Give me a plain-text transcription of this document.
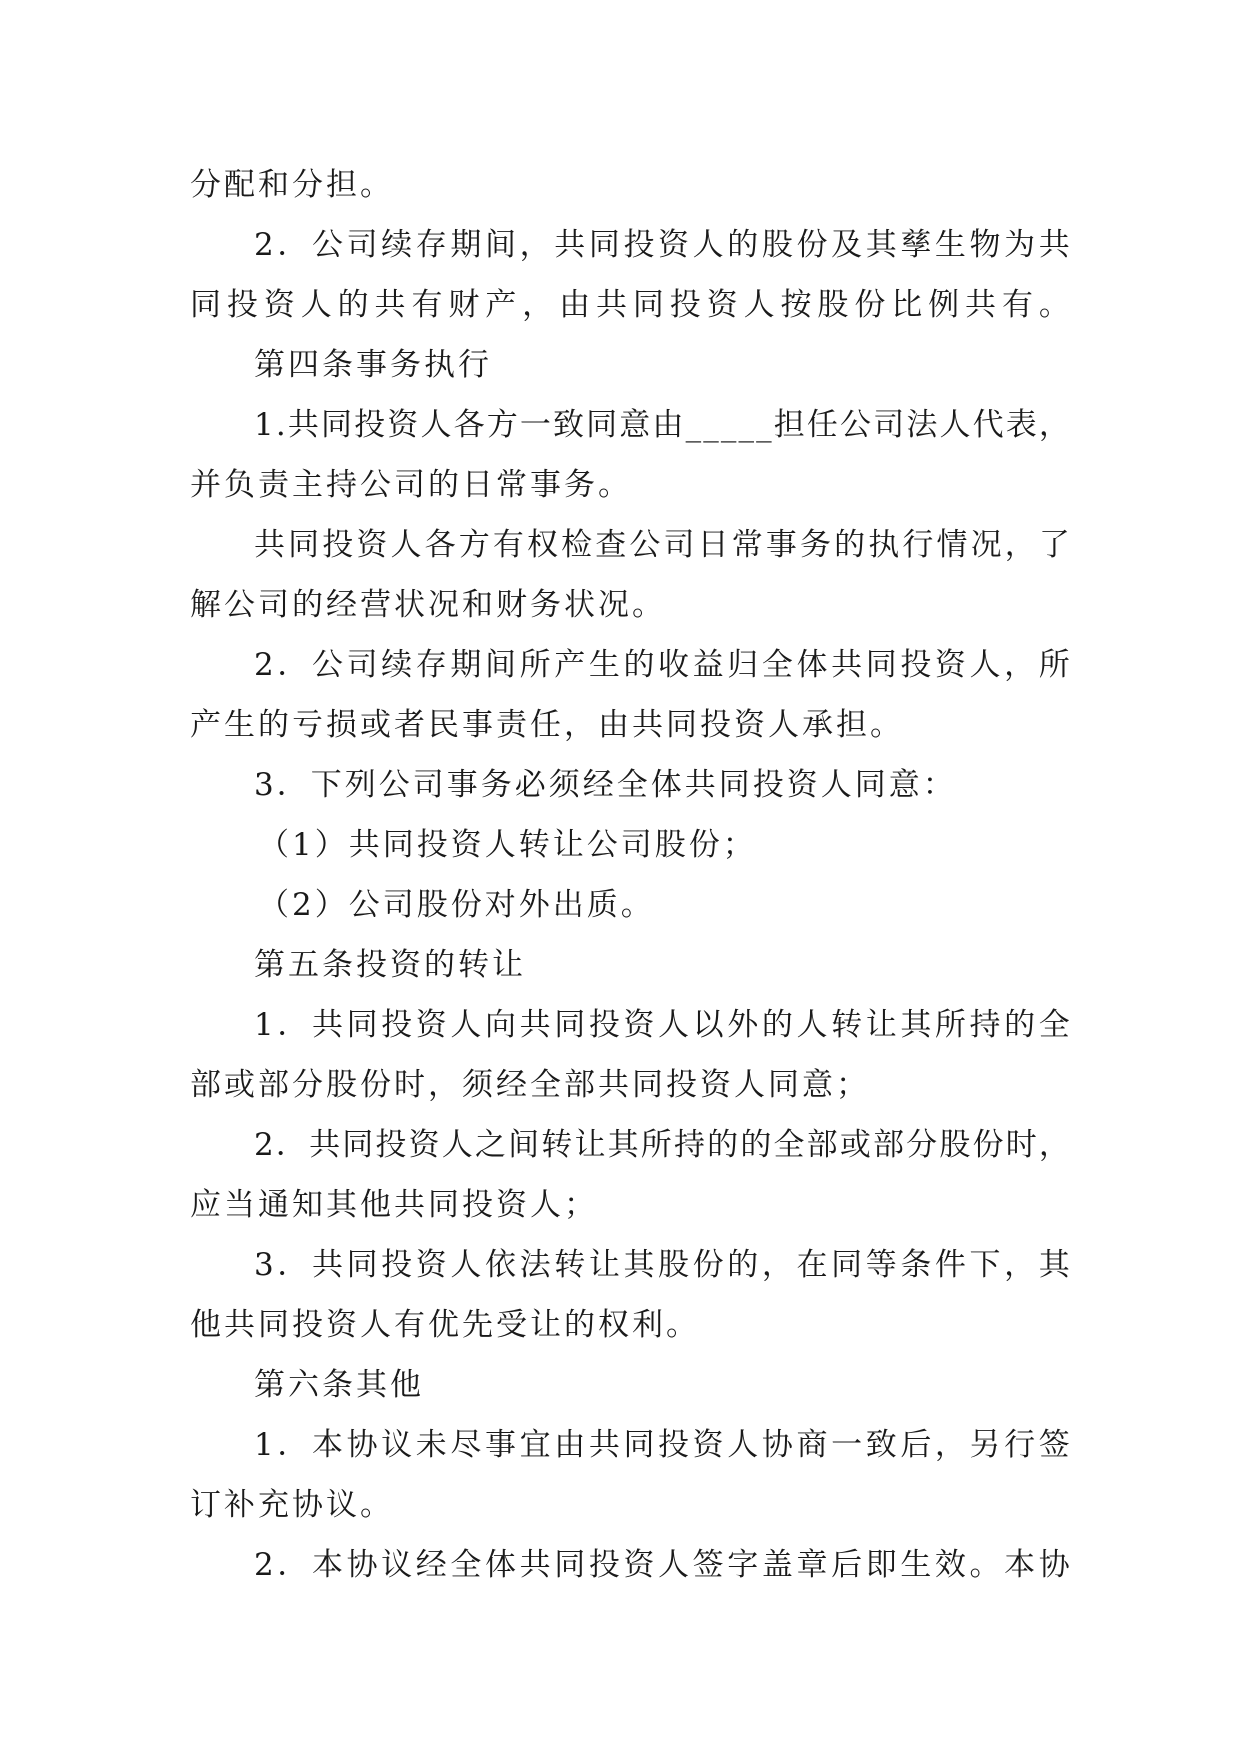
分配和分担。
2 ． 公 司 续 存 期 间 ， 共 同 投 资 人 的 股 份 及 其 孳 生 物 为 共
同 投 资 人 的 共 有 财 产 ， 由 共 同 投 资 人 按 股 份 比 例 共 有 。
第四条事务执行
1 . 共 同 投 资 人 各 方 一 致 同 意 由 _ _ _ _ _ 担 任 公 司 法 人 代 表 ，
并负责主持公司的日常事务。
共 同 投 资 人 各 方 有 权 检 查 公 司 日 常 事 务 的 执 行 情 况 ， 了
解公司的经营状况和财务状况。
2 ． 公 司 续 存 期 间 所 产 生 的 收 益 归 全 体 共 同 投 资 人 ， 所
产生的亏损或者民事责任，由共同投资人承担。
3．下列公司事务必须经全体共同投资人同意：
（1）共同投资人转让公司股份；
（2）公司股份对外出质。
第五条投资的转让
1 ． 共 同 投 资 人 向 共 同 投 资 人 以 外 的 人 转 让 其 所 持 的 全
部或部分股份时，须经全部共同投资人同意；
2 ． 共 同 投 资 人 之 间 转 让 其 所 持 的 的 全 部 或 部 分 股 份 时 ，
应当通知其他共同投资人；
3 ． 共 同 投 资 人 依 法 转 让 其 股 份 的 ， 在 同 等 条 件 下 ， 其
他共同投资人有优先受让的权利。
第六条其他
1 ． 本 协 议 未 尽 事 宜 由 共 同 投 资 人 协 商 一 致 后 ， 另 行 签
订补充协议。
2 ． 本 协 议 经 全 体 共 同 投 资 人 签 字 盖 章 后 即 生 效 。 本 协
